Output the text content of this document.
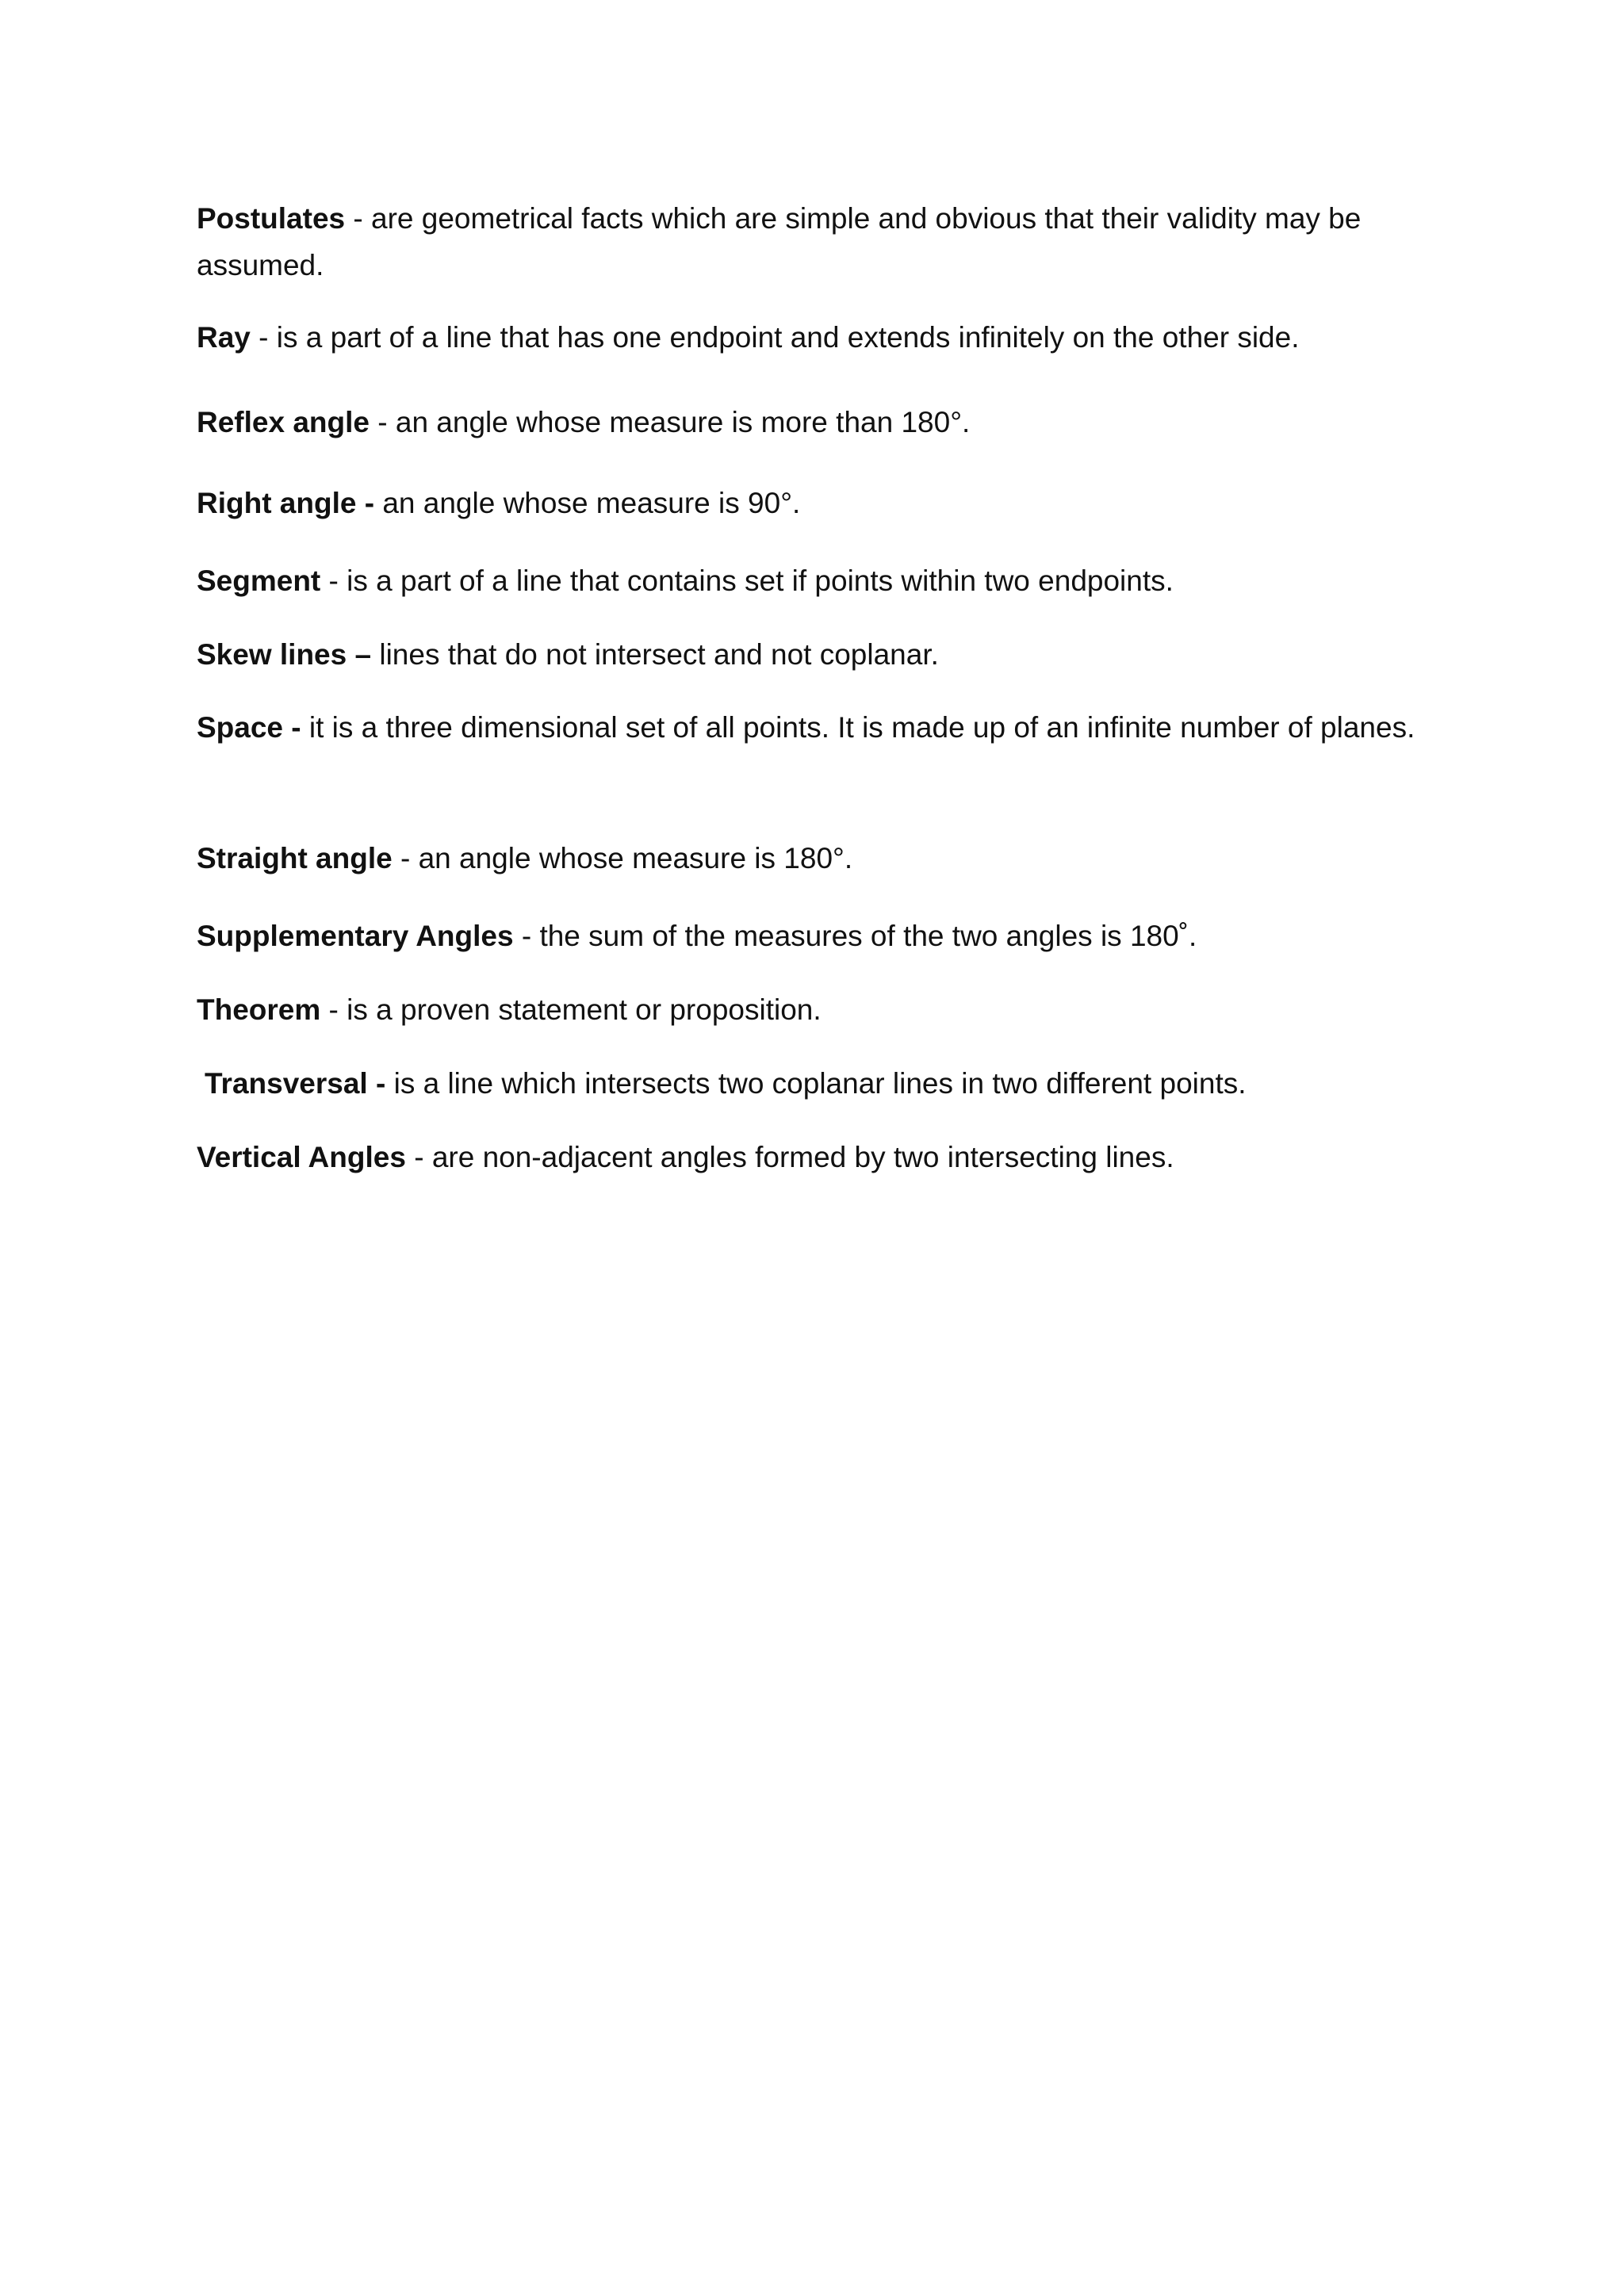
Postulates - are geometrical facts which are simple and obvious that their validity may be assumed.
Ray - is a part of a line that has one endpoint and extends infinitely on the other side.
Reflex angle - an angle whose measure is more than 180°.
Right angle - an angle whose measure is 90°.
Segment - is a part of a line that contains set if points within two endpoints.
Skew lines – lines that do not intersect and not coplanar.
Space - it is a three dimensional set of all points. It is made up of an infinite number of planes.
Straight angle - an angle whose measure is 180°.
Supplementary Angles - the sum of the measures of the two angles is 180˚.
Theorem - is a proven statement or proposition.
Transversal - is a line which intersects two coplanar lines in two different points.
Vertical Angles - are non-adjacent angles formed by two intersecting lines.
